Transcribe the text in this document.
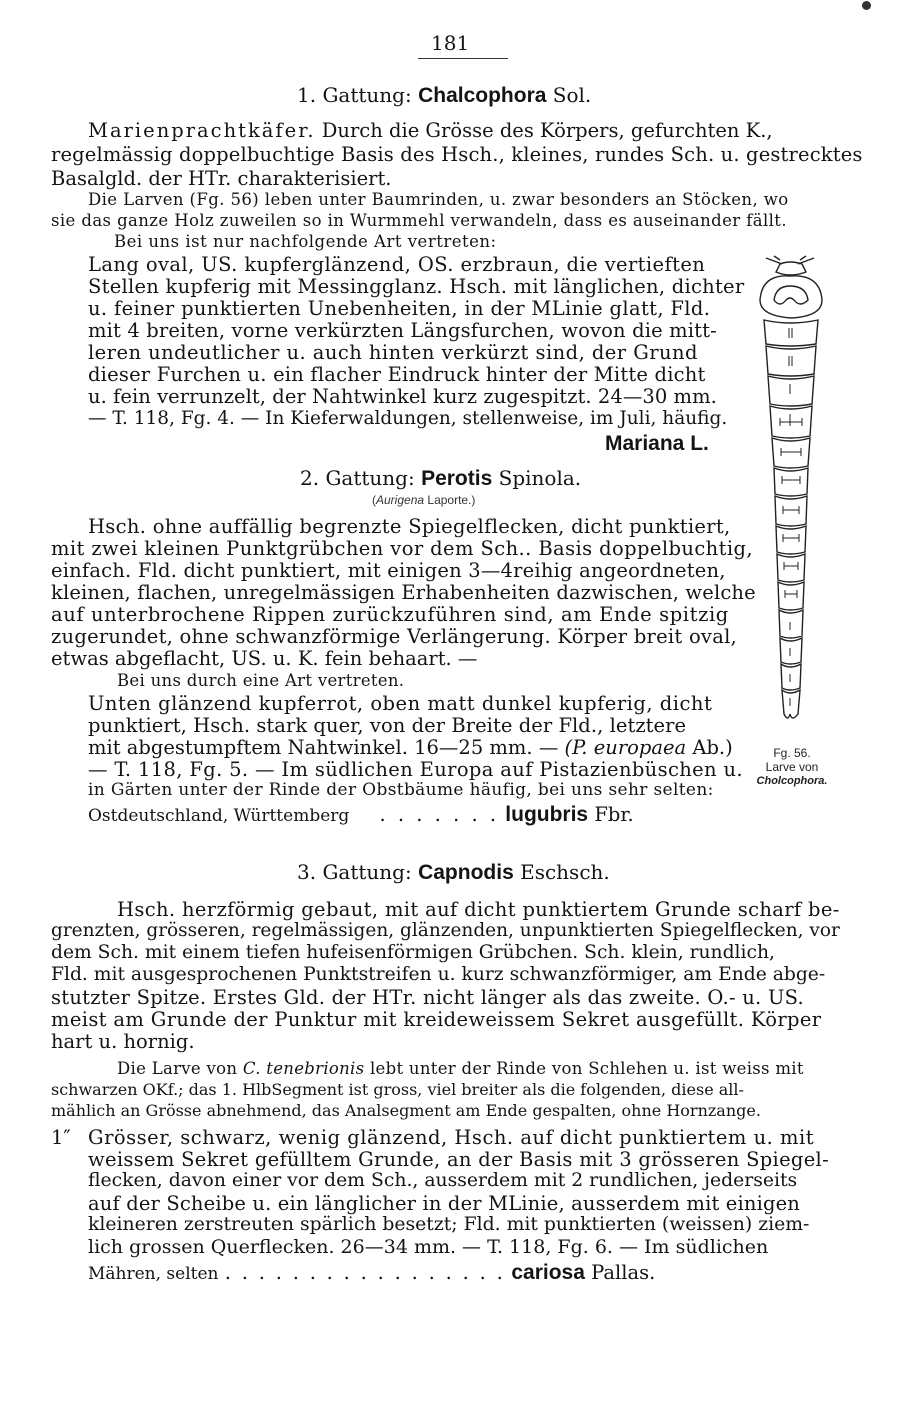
181
1. Gattung: Chalcophora Sol.
Marienprachtkäfer. Durch die Grösse des Körpers, gefurchten K.,
regelmässig doppelbuchtige Basis des Hsch., kleines, rundes Sch. u. gestrecktes
Basalgld. der HTr. charakterisiert.
Die Larven (Fg. 56) leben unter Baumrinden, u. zwar besonders an Stöcken, wo
sie das ganze Holz zuweilen so in Wurmmehl verwandeln, dass es auseinander fällt.
Bei uns ist nur nachfolgende Art vertreten:
Lang oval, US. kupferglänzend, OS. erzbraun, die vertieften
Stellen kupferig mit Messingglanz. Hsch. mit länglichen, dichter
u. feiner punktierten Unebenheiten, in der MLinie glatt, Fld.
mit 4 breiten, vorne verkürzten Längsfurchen, wovon die mitt-
leren undeutlicher u. auch hinten verkürzt sind, der Grund
dieser Furchen u. ein flacher Eindruck hinter der Mitte dicht
u. fein verrunzelt, der Nahtwinkel kurz zugespitzt. 24—30 mm.
— T. 118, Fg. 4. — In Kieferwaldungen, stellenweise, im Juli, häufig.
Mariana L.
2. Gattung: Perotis Spinola.
(Aurigena Laporte.)
Hsch. ohne auffällig begrenzte Spiegelflecken, dicht punktiert,
mit zwei kleinen Punktgrübchen vor dem Sch.. Basis doppelbuchtig,
einfach. Fld. dicht punktiert, mit einigen 3—4reihig angeordneten,
kleinen, flachen, unregelmässigen Erhabenheiten dazwischen, welche
auf unterbrochene Rippen zurückzuführen sind, am Ende spitzig
zugerundet, ohne schwanzförmige Verlängerung. Körper breit oval,
etwas abgeflacht, US. u. K. fein behaart. —
Bei uns durch eine Art vertreten.
Unten glänzend kupferrot, oben matt dunkel kupferig, dicht
punktiert, Hsch. stark quer, von der Breite der Fld., letztere
mit abgestumpftem Nahtwinkel. 16—25 mm. — (P. europaea Ab.)
— T. 118, Fg. 5. — Im südlichen Europa auf Pistazienbüschen u.
in Gärten unter der Rinde der Obstbäume häufig, bei uns sehr selten:
Ostdeutschland, Württemberg . . . . . . . lugubris Fbr.
Fg. 56.
Larve von
Cholcophora.
3. Gattung: Capnodis Eschsch.
Hsch. herzförmig gebaut, mit auf dicht punktiertem Grunde scharf be-
grenzten, grösseren, regelmässigen, glänzenden, unpunktierten Spiegelflecken, vor
dem Sch. mit einem tiefen hufeisenförmigen Grübchen. Sch. klein, rundlich,
Fld. mit ausgesprochenen Punktstreifen u. kurz schwanzförmiger, am Ende abge-
stutzter Spitze. Erstes Gld. der HTr. nicht länger als das zweite. O.- u. US.
meist am Grunde der Punktur mit kreideweissem Sekret ausgefüllt. Körper
hart u. hornig.
Die Larve von C. tenebrionis lebt unter der Rinde von Schlehen u. ist weiss mit
schwarzen OKf.; das 1. HlbSegment ist gross, viel breiter als die folgenden, diese all-
mählich an Grösse abnehmend, das Analsegment am Ende gespalten, ohne Hornzange.
1″ Grösser, schwarz, wenig glänzend, Hsch. auf dicht punktiertem u. mit
weissem Sekret gefülltem Grunde, an der Basis mit 3 grösseren Spiegel-
flecken, davon einer vor dem Sch., ausserdem mit 2 rundlichen, jederseits
auf der Scheibe u. ein länglicher in der MLinie, ausserdem mit einigen
kleineren zerstreuten spärlich besetzt; Fld. mit punktierten (weissen) ziem-
lich grossen Querflecken. 26—34 mm. — T. 118, Fg. 6. — Im südlichen
Mähren, selten . . . . . . . . . . . . . . . . . cariosa Pallas.
